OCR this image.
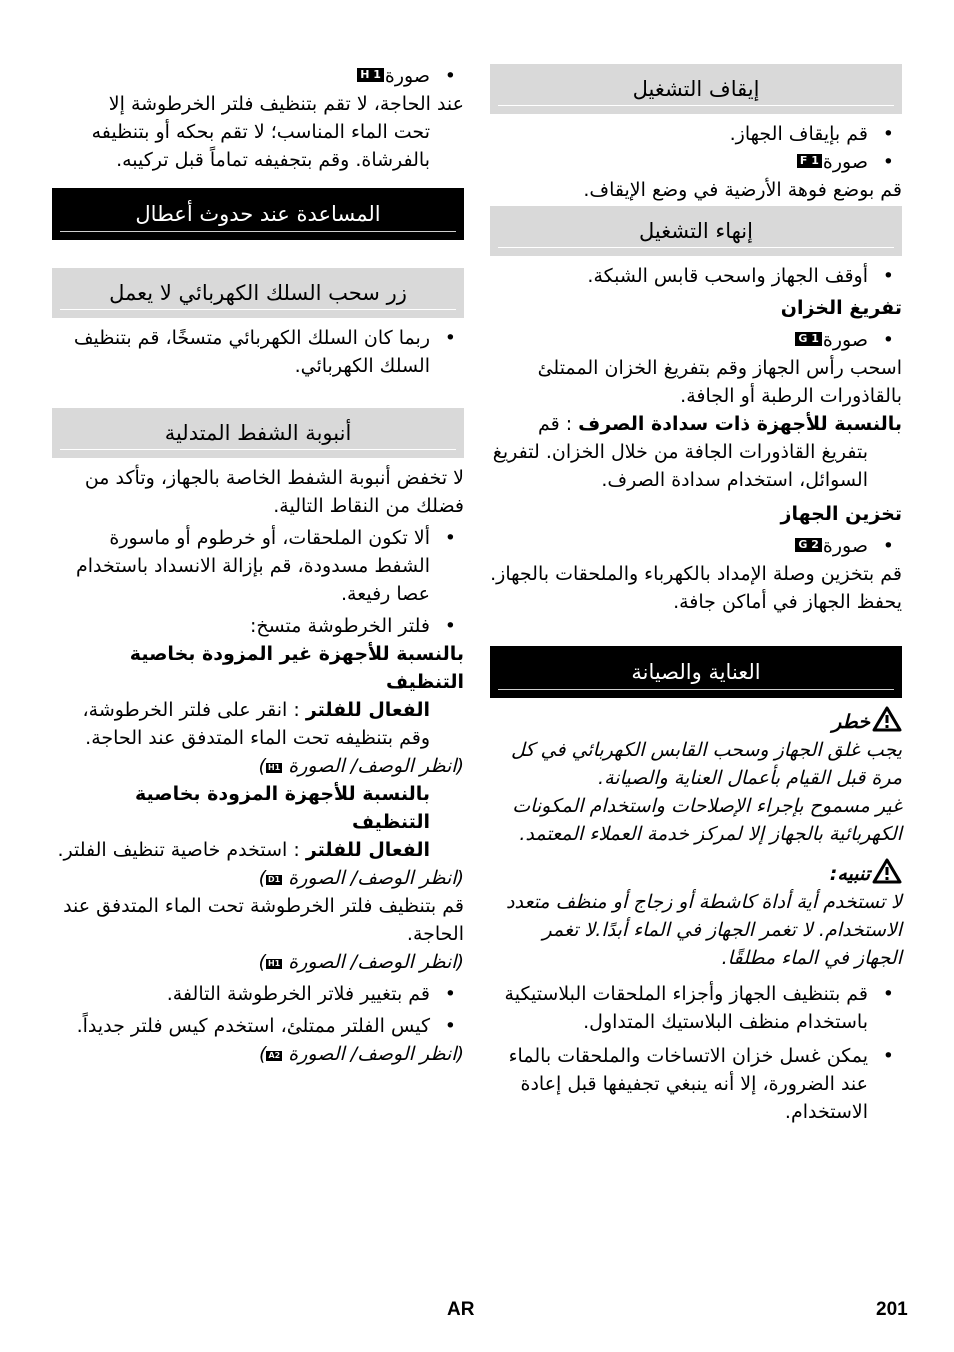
إيقاف التشغيل
• قم بإيقاف الجهاز.
• صورةF 1

قم بوضع فوهة الأرضية في وضع الإيقاف.

إنهاء التشغيل
• أوقف الجهاز واسحب قابس الشبكة.

تفريغ الخزان

• صورةG 1

اسحب رأس الجهاز وقم بتفريغ الخزان الممتلئ بالقاذورات الرطبة أو الجافة.

بالنسبة للأجهزة ذات سدادة الصرف : قم

بتفريغ القاذورات الجافة من خلال الخزان. لتفريغ السوائل، استخدام سدادة الصرف.

تخزين الجهاز

• صورةG 2

قم بتخزين وصلة الإمداد بالكهرباء والملحقات بالجهاز. يحفظ الجهاز في أماكن جافة.

العناية والصيانة

خطر

يجب غلق الجهاز وسحب القابس الكهربائي في كل مرة قبل القيام بأعمال العناية والصيانة.

غير مسموح بإجراء الإصلاحات واستخدام المكونات الكهربائية بالجهاز إلا لمركز خدمة العملاء المعتمد.

تنبيه:

لا تستخدم أية أداة كاشطة أو زجاج أو منظف متعدد الاستخدام. لا تغمر الجهاز في الماء أبدًا.لا تغمر الجهاز في الماء مطلقًا.

• قم بتنظيف الجهاز وأجزاء الملحقات البلاستيكية باستخدام منظف البلاستيك المتداول.
• يمكن غسل خزان الاتساخات والملحقات بالماء عند الضرورة، إلا أنه ينبغي تجفيفها قبل إعادة الاستخدام.
• صورةH 1

عند الحاجة، لا تقم بتنظيف فلتر الخرطوشة إلا

تحت الماء المناسب؛ لا تقم بحكه أو بتنظيفه بالفرشاة. وقم بتجفيفه تماماً قبل تركيبه.

المساعدة عند حدوث أعطال
زر سحب السلك الكهربائي لا يعمل
• ربما كان السلك الكهربائي متسخًا، قم بتنظيف السلك الكهربائي.
أنبوبة الشفط المتدلية

لا تخفض أنبوبة الشفط الخاصة بالجهاز، وتأكد من فضلك من النقاط التالية.

• ألا تكون الملحقات، أو خرطوم أو ماسورة الشفط مسدودة، قم بإزالة الانسداد باستخدام عصا رفيعة.
• فلتر الخرطوشة متسخ:

بالنسبة للأجهزة غير المزودة بخاصية التنظيف

الفعال للفلتر : انقر على فلتر الخرطوشة، وقم بتنظيفه تحت الماء المتدفق عند الحاجة.

(انظر الوصف/ الصورة H1)

بالنسبة للأجهزة المزودة بخاصية التنظيف

الفعال للفلتر : استخدم خاصية تنظيف الفلتر.

(انظر الوصف/ الصورة D1)

قم بتنظيف فلتر الخرطوشة تحت الماء المتدفق عند الحاجة.

(انظر الوصف/ الصورة H1)

• قم بتغيير فلاتر الخرطوشة التالفة.
• كيس الفلتر ممتلئ، استخدم كيس فلتر جديداً.

(انظر الوصف/ الصورة A2)

AR	201
